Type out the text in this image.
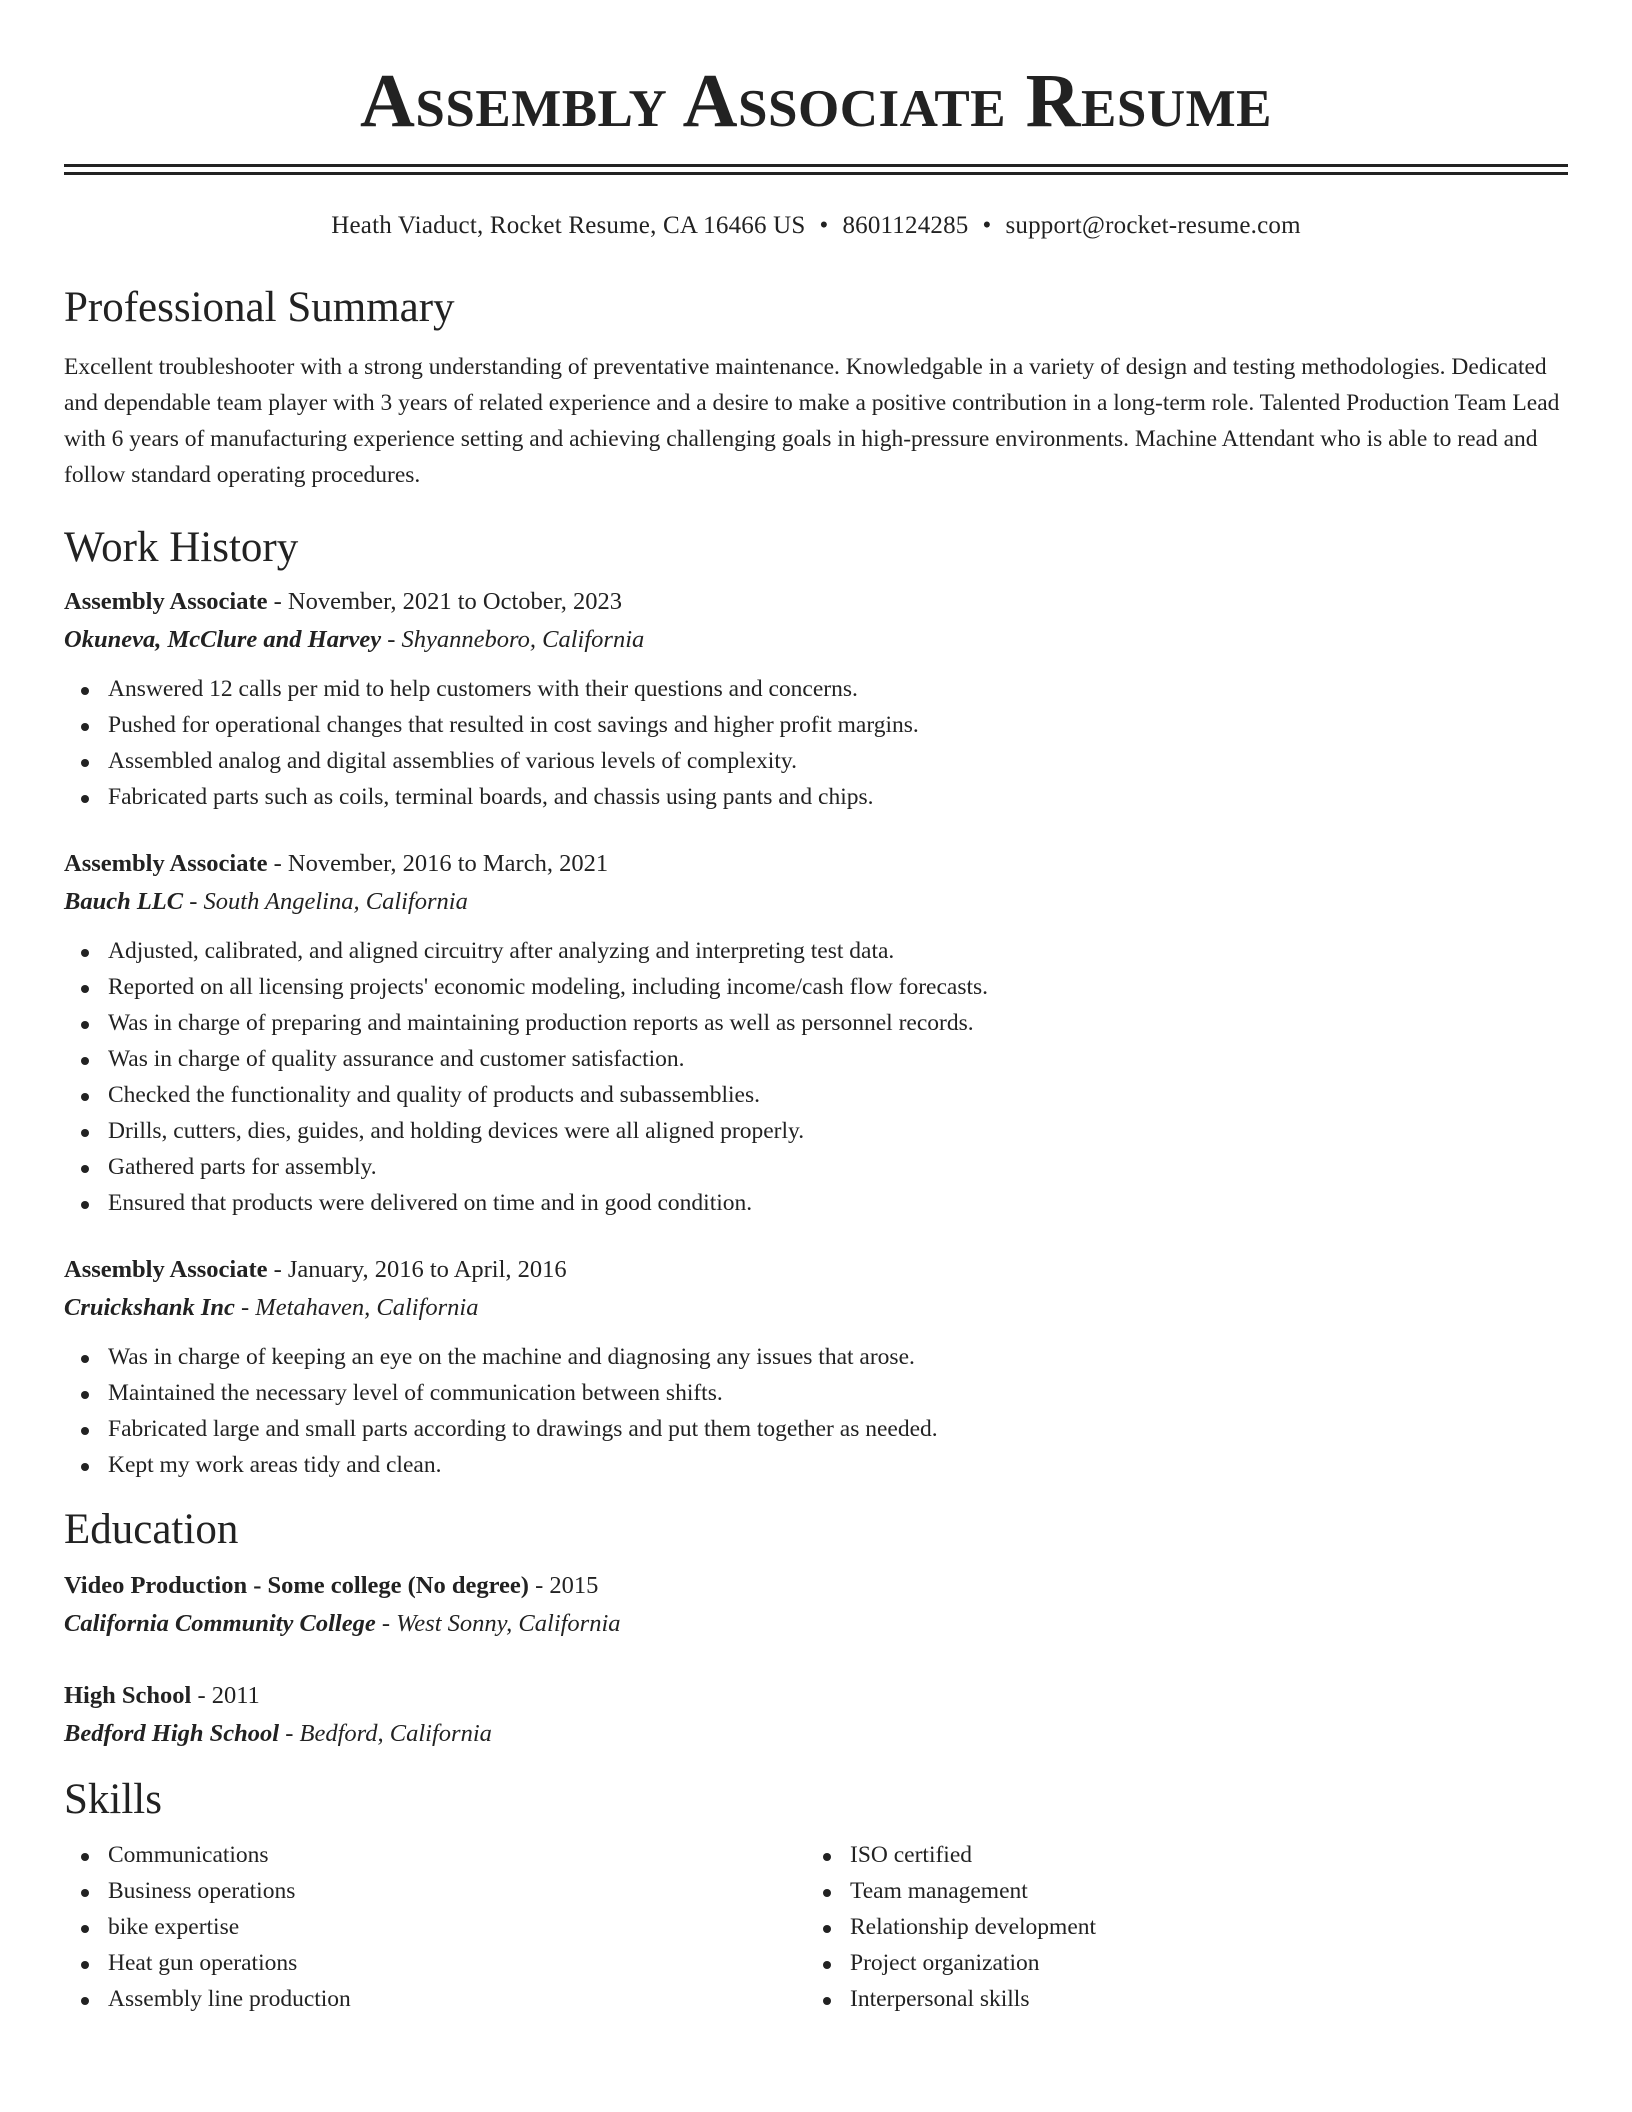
Assembly Associate Resume
Heath Viaduct, Rocket Resume, CA 16466 US • 8601124285 • support@rocket-resume.com
Professional Summary
Excellent troubleshooter with a strong understanding of preventative maintenance. Knowledgable in a variety of design and testing methodologies. Dedicated and dependable team player with 3 years of related experience and a desire to make a positive contribution in a long-term role. Talented Production Team Lead with 6 years of manufacturing experience setting and achieving challenging goals in high-pressure environments. Machine Attendant who is able to read and follow standard operating procedures.
Work History
Assembly Associate - November, 2021 to October, 2023
Okuneva, McClure and Harvey - Shyanneboro, California
Answered 12 calls per mid to help customers with their questions and concerns.
Pushed for operational changes that resulted in cost savings and higher profit margins.
Assembled analog and digital assemblies of various levels of complexity.
Fabricated parts such as coils, terminal boards, and chassis using pants and chips.
Assembly Associate - November, 2016 to March, 2021
Bauch LLC - South Angelina, California
Adjusted, calibrated, and aligned circuitry after analyzing and interpreting test data.
Reported on all licensing projects' economic modeling, including income/cash flow forecasts.
Was in charge of preparing and maintaining production reports as well as personnel records.
Was in charge of quality assurance and customer satisfaction.
Checked the functionality and quality of products and subassemblies.
Drills, cutters, dies, guides, and holding devices were all aligned properly.
Gathered parts for assembly.
Ensured that products were delivered on time and in good condition.
Assembly Associate - January, 2016 to April, 2016
Cruickshank Inc - Metahaven, California
Was in charge of keeping an eye on the machine and diagnosing any issues that arose.
Maintained the necessary level of communication between shifts.
Fabricated large and small parts according to drawings and put them together as needed.
Kept my work areas tidy and clean.
Education
Video Production - Some college (No degree) - 2015
California Community College - West Sonny, California
High School - 2011
Bedford High School - Bedford, California
Skills
Communications
Business operations
bike expertise
Heat gun operations
Assembly line production
ISO certified
Team management
Relationship development
Project organization
Interpersonal skills
